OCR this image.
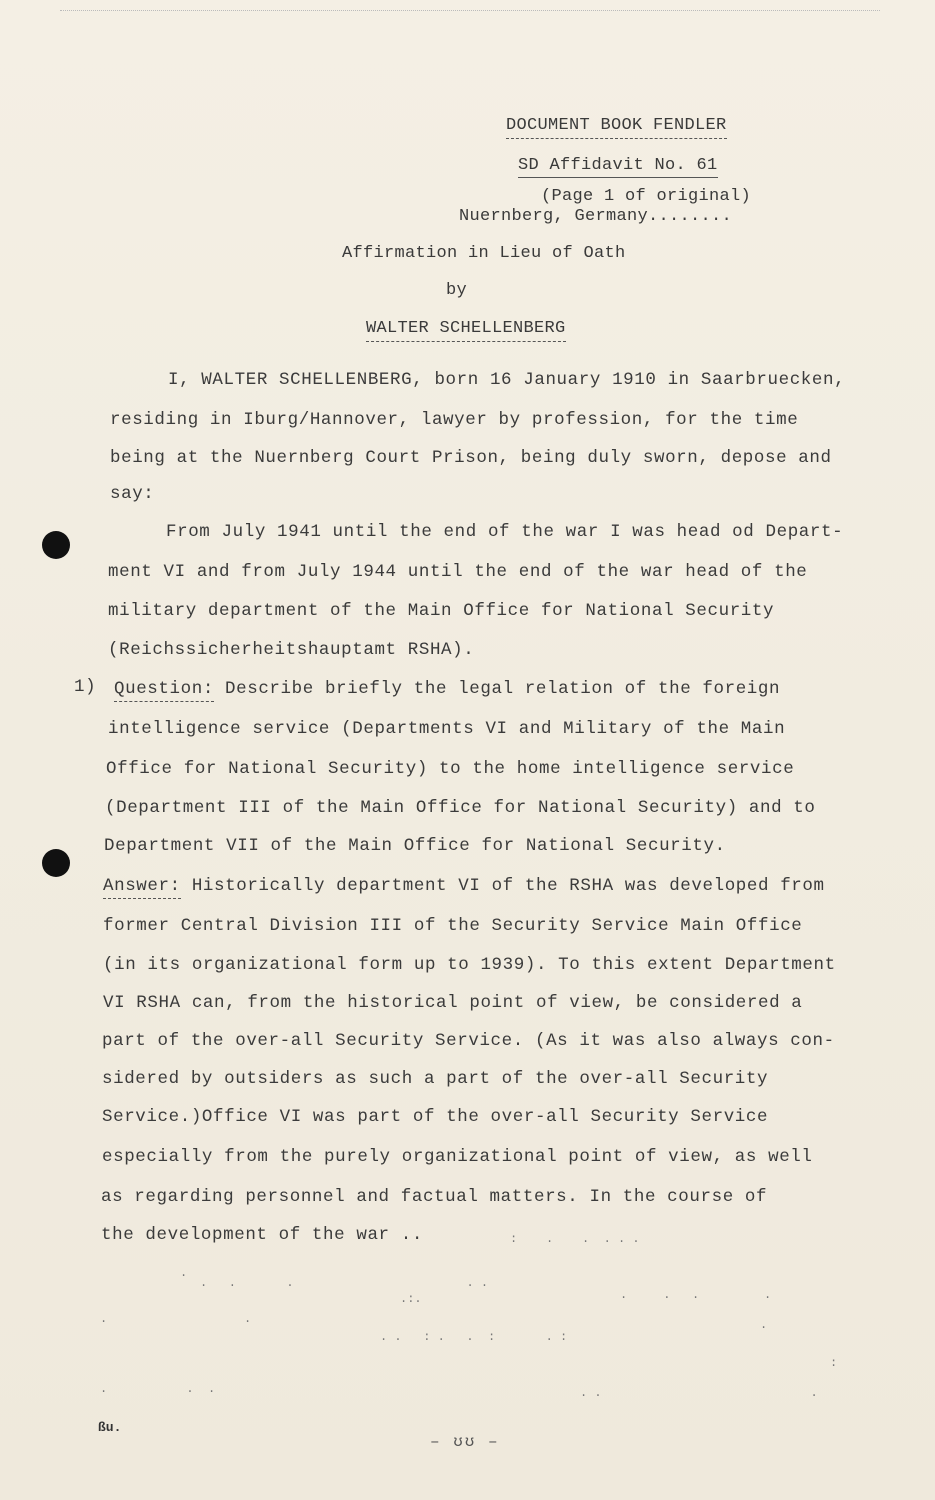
DOCUMENT BOOK FENDLER
SD Affidavit No. 61
(Page 1 of original)
Nuernberg, Germany........
Affirmation in Lieu of Oath
by
WALTER SCHELLENBERG
I, WALTER SCHELLENBERG, born 16 January 1910 in Saarbruecken,
residing in Iburg/Hannover, lawyer by profession, for the time
being at the Nuernberg Court Prison, being duly sworn, depose and
say:
From July 1941 until the end of the war I was head od Depart-
ment VI and from July 1944 until the end of the war head of the
military department of the Main Office for National Security
(Reichssicherheitshauptamt RSHA).
1) Question: Describe briefly the legal relation of the foreign
intelligence service (Departments VI and Military of the Main
Office for National Security) to the home intelligence service
(Department III of the Main Office for National Security) and to
Department VII of the Main Office for National Security.
Answer: Historically department VI of the RSHA was developed from
former Central Division III of the Security Service Main Office
(in its organizational form up to 1939). To this extent Department
VI RSHA can, from the historical point of view, be considered a
part of the over-all Security Service. (As it was also always con-
sidered by outsiders as such a part of the over-all Security
Service.)Office VI was part of the over-all Security Service
especially from the purely organizational point of view, as well
as regarding personnel and factual matters. In the course of
the development of the war ..	:    .    .  . . .
.
.   .       .                        . .
.:.	.     .   .         .
.                   .
. .   : .   .  :       . :
.
.           .  .	. .                             .
:
ßu.
– ʊʊ –
